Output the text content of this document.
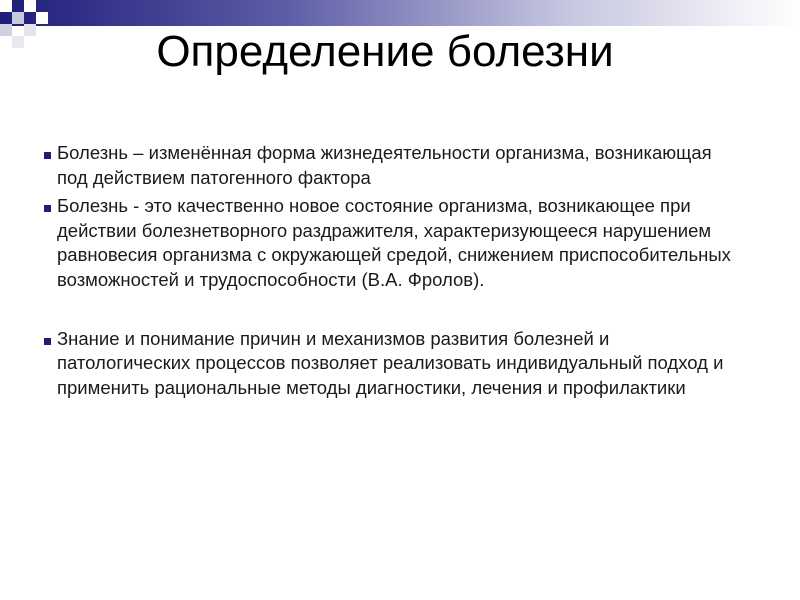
Определение болезни
Болезнь – изменённая форма жизнедеятельности организма, возникающая под действием патогенного фактора
Болезнь - это качественно новое состояние организма, возникающее при действии болезнетворного раздражителя, характеризующееся нарушением равновесия организма с окружающей средой, снижением приспособительных возможностей и трудоспособности (В.А. Фролов).
Знание и понимание причин и механизмов развития болезней и патологических процессов позволяет реализовать индивидуальный подход и применить рациональные методы диагностики, лечения и профилактики
